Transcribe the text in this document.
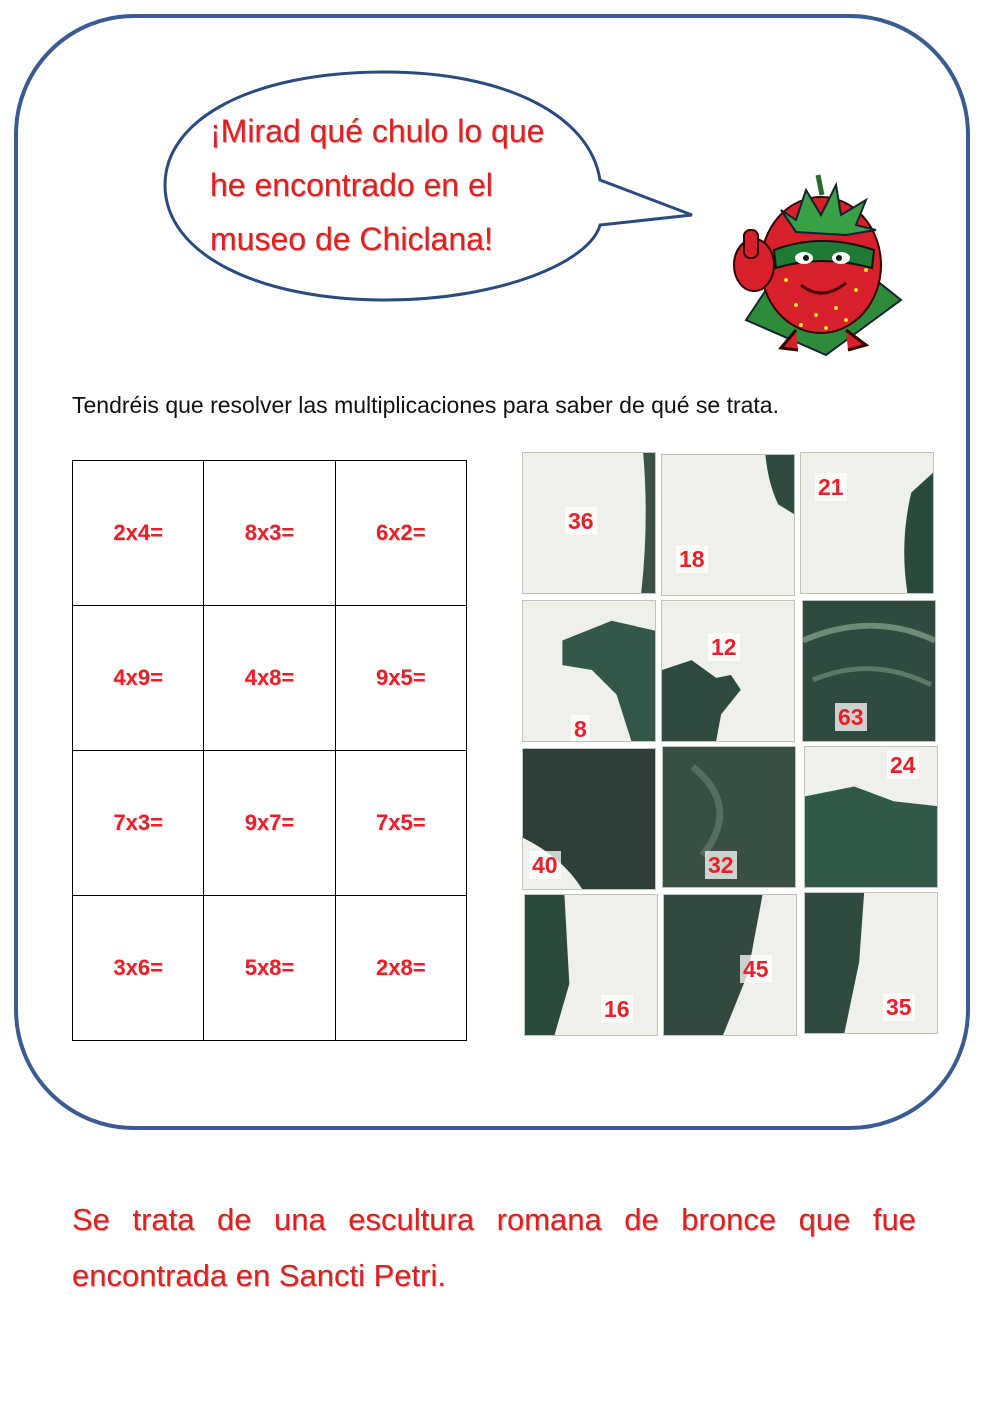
¡Mirad qué chulo lo que
he encontrado en el
museo de Chiclana!
Tendréis que resolver las multiplicaciones para saber de qué se trata.
2x4=	8x3=	6x2=
4x9=	4x8=	9x5=
7x3=	9x7=	7x5=
3x6=	5x8=	2x8=
36
18
21
8
12
63
40	32
24
16
45
35
Se trata de una escultura romana de bronce que fue encontrada en Sancti Petri.
